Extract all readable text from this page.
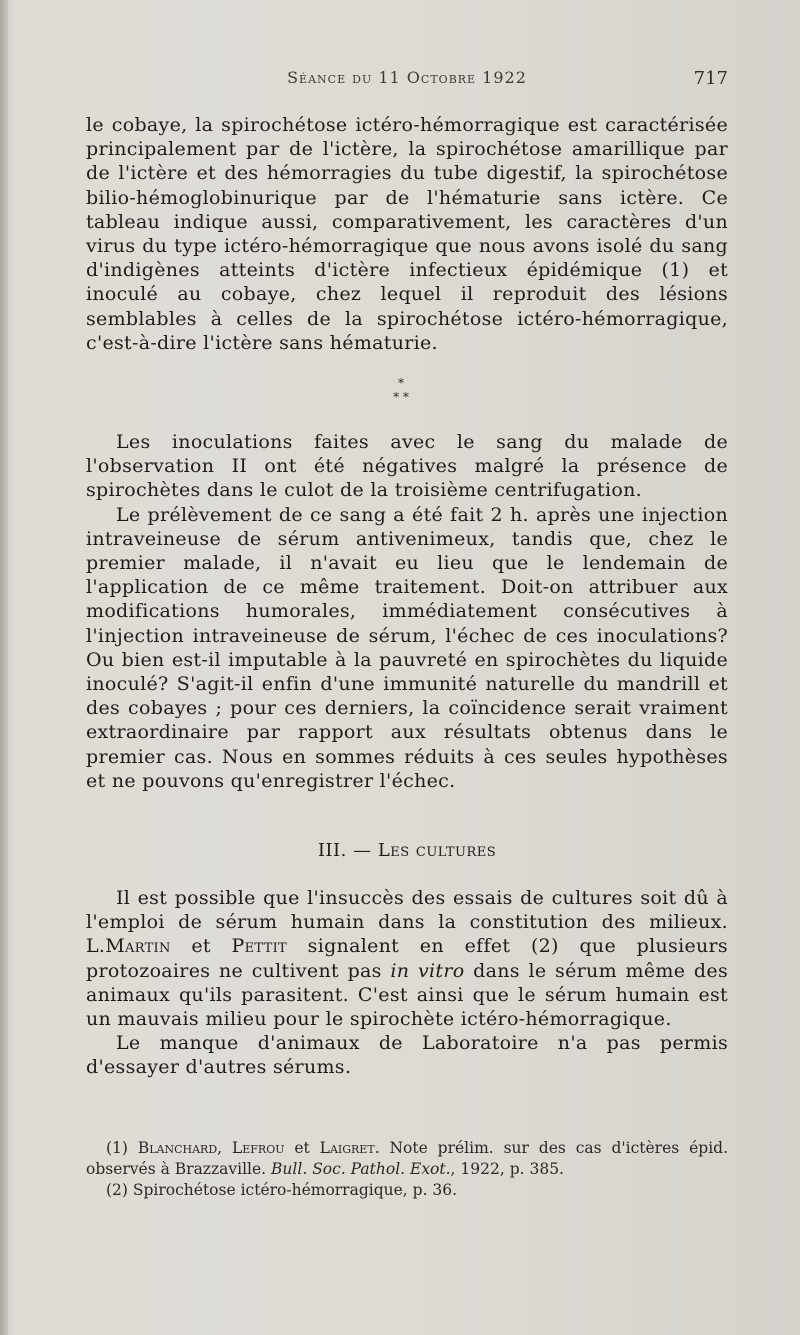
Séance du 11 Octobre 1922	717

le cobaye, la spirochétose ictéro-hémorragique est caractérisée principalement par de l'ictère, la spirochétose amarillique par de l'ictère et des hémorragies du tube digestif, la spirochétose bilio-hémoglobinurique par de l'hématurie sans ictère. Ce tableau indique aussi, comparativement, les caractères d'un virus du type ictéro-hémorragique que nous avons isolé du sang d'indigènes atteints d'ictère infectieux épidémique (1) et inoculé au cobaye, chez lequel il reproduit des lésions semblables à celles de la spirochétose ictéro-hémorragique, c'est-à-dire l'ictère sans hématurie.

*
* *

Les inoculations faites avec le sang du malade de l'observation II ont été négatives malgré la présence de spirochètes dans le culot de la troisième centrifugation.

Le prélèvement de ce sang a été fait 2 h. après une injection intraveineuse de sérum antivenimeux, tandis que, chez le premier malade, il n'avait eu lieu que le lendemain de l'application de ce même traitement. Doit-on attribuer aux modifications humorales, immédiatement consécutives à l'injection intraveineuse de sérum, l'échec de ces inoculations? Ou bien est-il imputable à la pauvreté en spirochètes du liquide inoculé? S'agit-il enfin d'une immunité naturelle du mandrill et des cobayes ; pour ces derniers, la coïncidence serait vraiment extraordinaire par rapport aux résultats obtenus dans le premier cas. Nous en sommes réduits à ces seules hypothèses et ne pouvons qu'enregistrer l'échec.

III. — Les cultures

Il est possible que l'insuccès des essais de cultures soit dû à l'emploi de sérum humain dans la constitution des milieux. L.Martin et Pettit signalent en effet (2) que plusieurs protozoaires ne cultivent pas in vitro dans le sérum même des animaux qu'ils parasitent. C'est ainsi que le sérum humain est un mauvais milieu pour le spirochète ictéro-hémorragique.

Le manque d'animaux de Laboratoire n'a pas permis d'essayer d'autres sérums.

(1) Blanchard, Lefrou et Laigret. Note prélim. sur des cas d'ictères épid. observés à Brazzaville. Bull. Soc. Pathol. Exot., 1922, p. 385.

(2) Spirochétose ictéro-hémorragique, p. 36.
